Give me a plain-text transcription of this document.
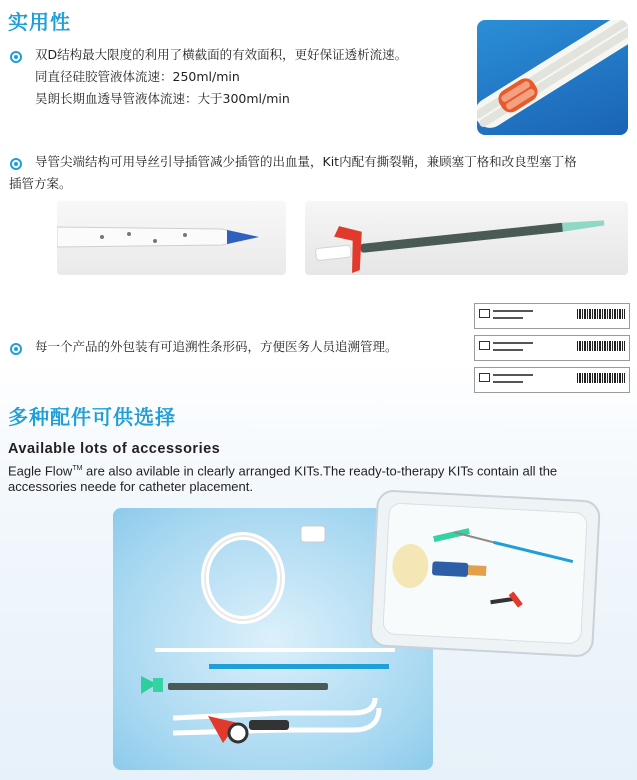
实用性
双D结构最大限度的利用了横截面的有效面积，更好保证透析流速。
同直径硅胶管液体流速：250ml/min
昊朗长期血透导管液体流速：大于300ml/min
导管尖端结构可用导丝引导插管减少插管的出血量，Kit内配有撕裂鞘，兼顾塞丁格和改良型塞丁格
插管方案。
每一个产品的外包装有可追溯性条形码，方便医务人员追溯管理。
多种配件可供选择
Available lots of accessories
Eagle Flow™ are also avilable in clearly arranged KITs.The ready-to-therapy KITs contain all the accessories neede for catheter placement.
